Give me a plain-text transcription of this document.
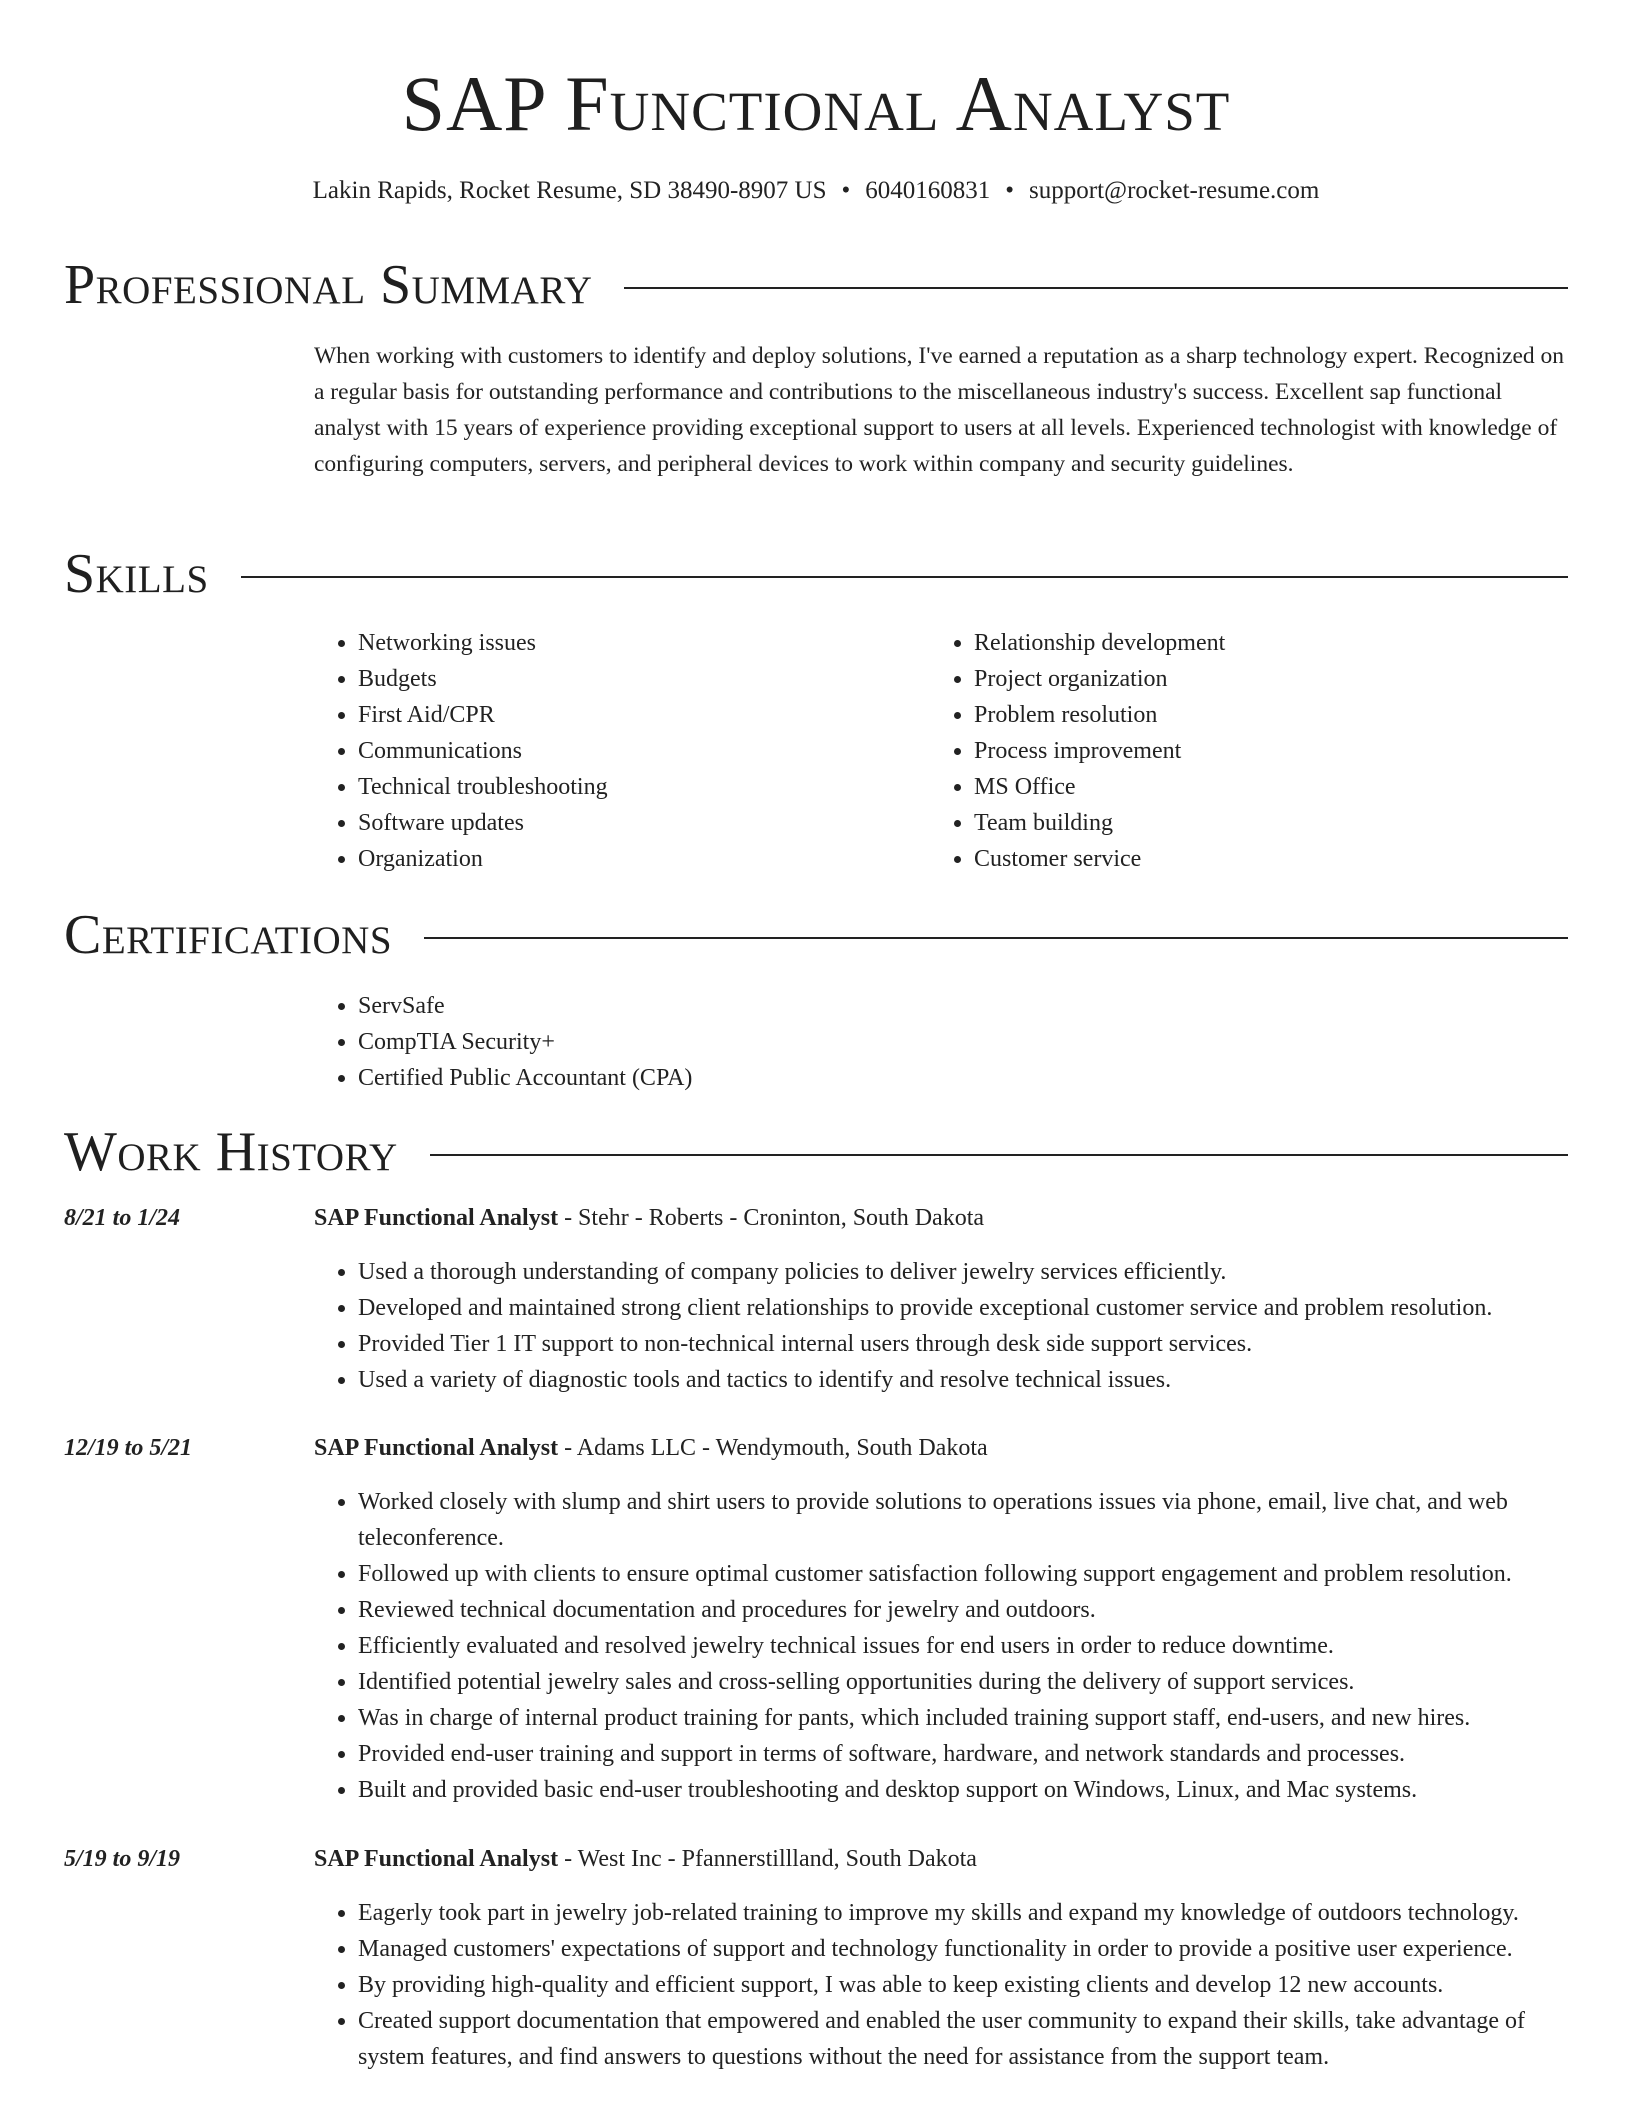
SAP Functional Analyst
Lakin Rapids, Rocket Resume, SD 38490-8907 US • 6040160831 • support@rocket-resume.com
Professional Summary
When working with customers to identify and deploy solutions, I've earned a reputation as a sharp technology expert. Recognized on a regular basis for outstanding performance and contributions to the miscellaneous industry's success. Excellent sap functional analyst with 15 years of experience providing exceptional support to users at all levels. Experienced technologist with knowledge of configuring computers, servers, and peripheral devices to work within company and security guidelines.
Skills
• Networking issues
• Budgets
• First Aid/CPR
• Communications
• Technical troubleshooting
• Software updates
• Organization
• Relationship development
• Project organization
• Problem resolution
• Process improvement
• MS Office
• Team building
• Customer service
Certifications
• ServSafe
• CompTIA Security+
• Certified Public Accountant (CPA)
Work History
8/21 to 1/24	SAP Functional Analyst - Stehr - Roberts - Croninton, South Dakota
• Used a thorough understanding of company policies to deliver jewelry services efficiently.
• Developed and maintained strong client relationships to provide exceptional customer service and problem resolution.
• Provided Tier 1 IT support to non-technical internal users through desk side support services.
• Used a variety of diagnostic tools and tactics to identify and resolve technical issues.
12/19 to 5/21	SAP Functional Analyst - Adams LLC - Wendymouth, South Dakota
• Worked closely with slump and shirt users to provide solutions to operations issues via phone, email, live chat, and web teleconference.
• Followed up with clients to ensure optimal customer satisfaction following support engagement and problem resolution.
• Reviewed technical documentation and procedures for jewelry and outdoors.
• Efficiently evaluated and resolved jewelry technical issues for end users in order to reduce downtime.
• Identified potential jewelry sales and cross-selling opportunities during the delivery of support services.
• Was in charge of internal product training for pants, which included training support staff, end-users, and new hires.
• Provided end-user training and support in terms of software, hardware, and network standards and processes.
• Built and provided basic end-user troubleshooting and desktop support on Windows, Linux, and Mac systems.
5/19 to 9/19	SAP Functional Analyst - West Inc - Pfannerstillland, South Dakota
• Eagerly took part in jewelry job-related training to improve my skills and expand my knowledge of outdoors technology.
• Managed customers' expectations of support and technology functionality in order to provide a positive user experience.
• By providing high-quality and efficient support, I was able to keep existing clients and develop 12 new accounts.
• Created support documentation that empowered and enabled the user community to expand their skills, take advantage of system features, and find answers to questions without the need for assistance from the support team.
